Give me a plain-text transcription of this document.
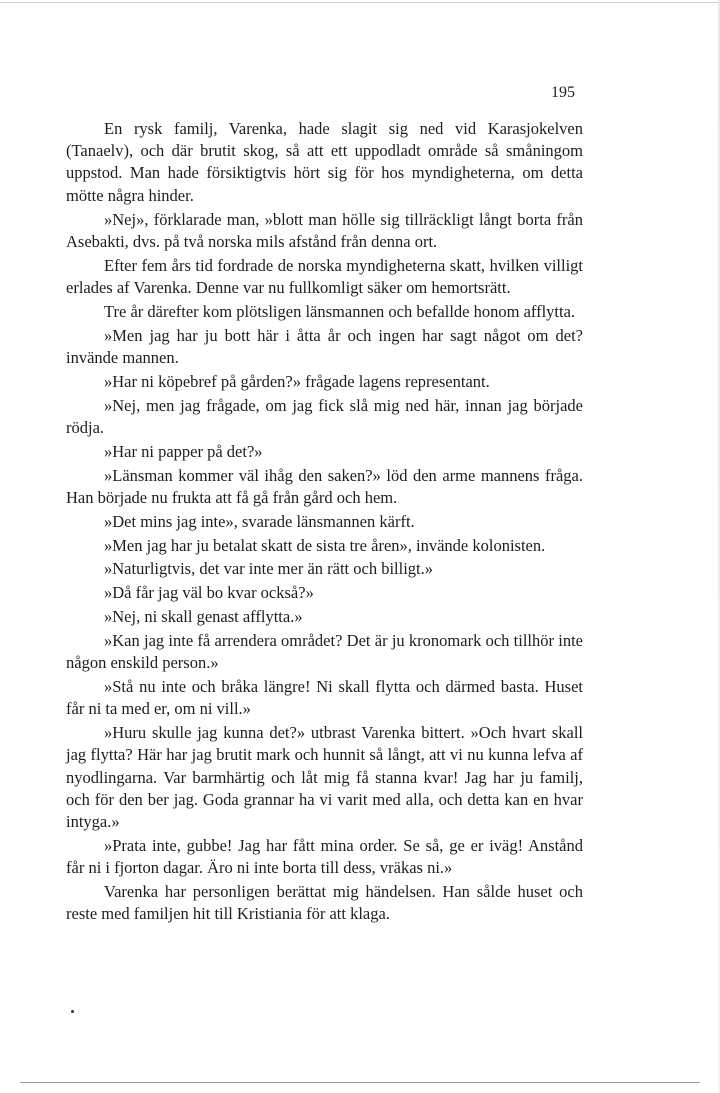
195

En rysk familj, Varenka, hade slagit sig ned vid Karasjokelven (Tanaelv), och där brutit skog, så att ett uppodladt område så småningom uppstod. Man hade försiktigtvis hört sig för hos myndigheterna, om detta mötte några hinder.

»Nej», förklarade man, »blott man hölle sig tillräckligt långt borta från Asebakti, dvs. på två norska mils afstånd från denna ort.

Efter fem års tid fordrade de norska myndigheterna skatt, hvilken villigt erlades af Varenka. Denne var nu fullkomligt säker om hemortsrätt.

Tre år därefter kom plötsligen länsmannen och befallde honom afflytta.

»Men jag har ju bott här i åtta år och ingen har sagt något om det? invände mannen.

»Har ni köpebref på gården?» frågade lagens representant.

»Nej, men jag frågade, om jag fick slå mig ned här, innan jag började rödja.

»Har ni papper på det?»

»Länsman kommer väl ihåg den saken?» löd den arme mannens fråga. Han började nu frukta att få gå från gård och hem.

»Det mins jag inte», svarade länsmannen kärft.

»Men jag har ju betalat skatt de sista tre åren», invände kolonisten.

»Naturligtvis, det var inte mer än rätt och billigt.»

»Då får jag väl bo kvar också?»

»Nej, ni skall genast afflytta.»

»Kan jag inte få arrendera området? Det är ju kronomark och tillhör inte någon enskild person.»

»Stå nu inte och bråka längre! Ni skall flytta och därmed basta. Huset får ni ta med er, om ni vill.»

»Huru skulle jag kunna det?» utbrast Varenka bittert. »Och hvart skall jag flytta? Här har jag brutit mark och hunnit så långt, att vi nu kunna lefva af nyodlingarna. Var barmhärtig och låt mig få stanna kvar! Jag har ju familj, och för den ber jag. Goda grannar ha vi varit med alla, och detta kan en hvar intyga.»

»Prata inte, gubbe! Jag har fått mina order. Se så, ge er iväg! Anstånd får ni i fjorton dagar. Äro ni inte borta till dess, vräkas ni.»

Varenka har personligen berättat mig händelsen. Han sålde huset och reste med familjen hit till Kristiania för att klaga.
